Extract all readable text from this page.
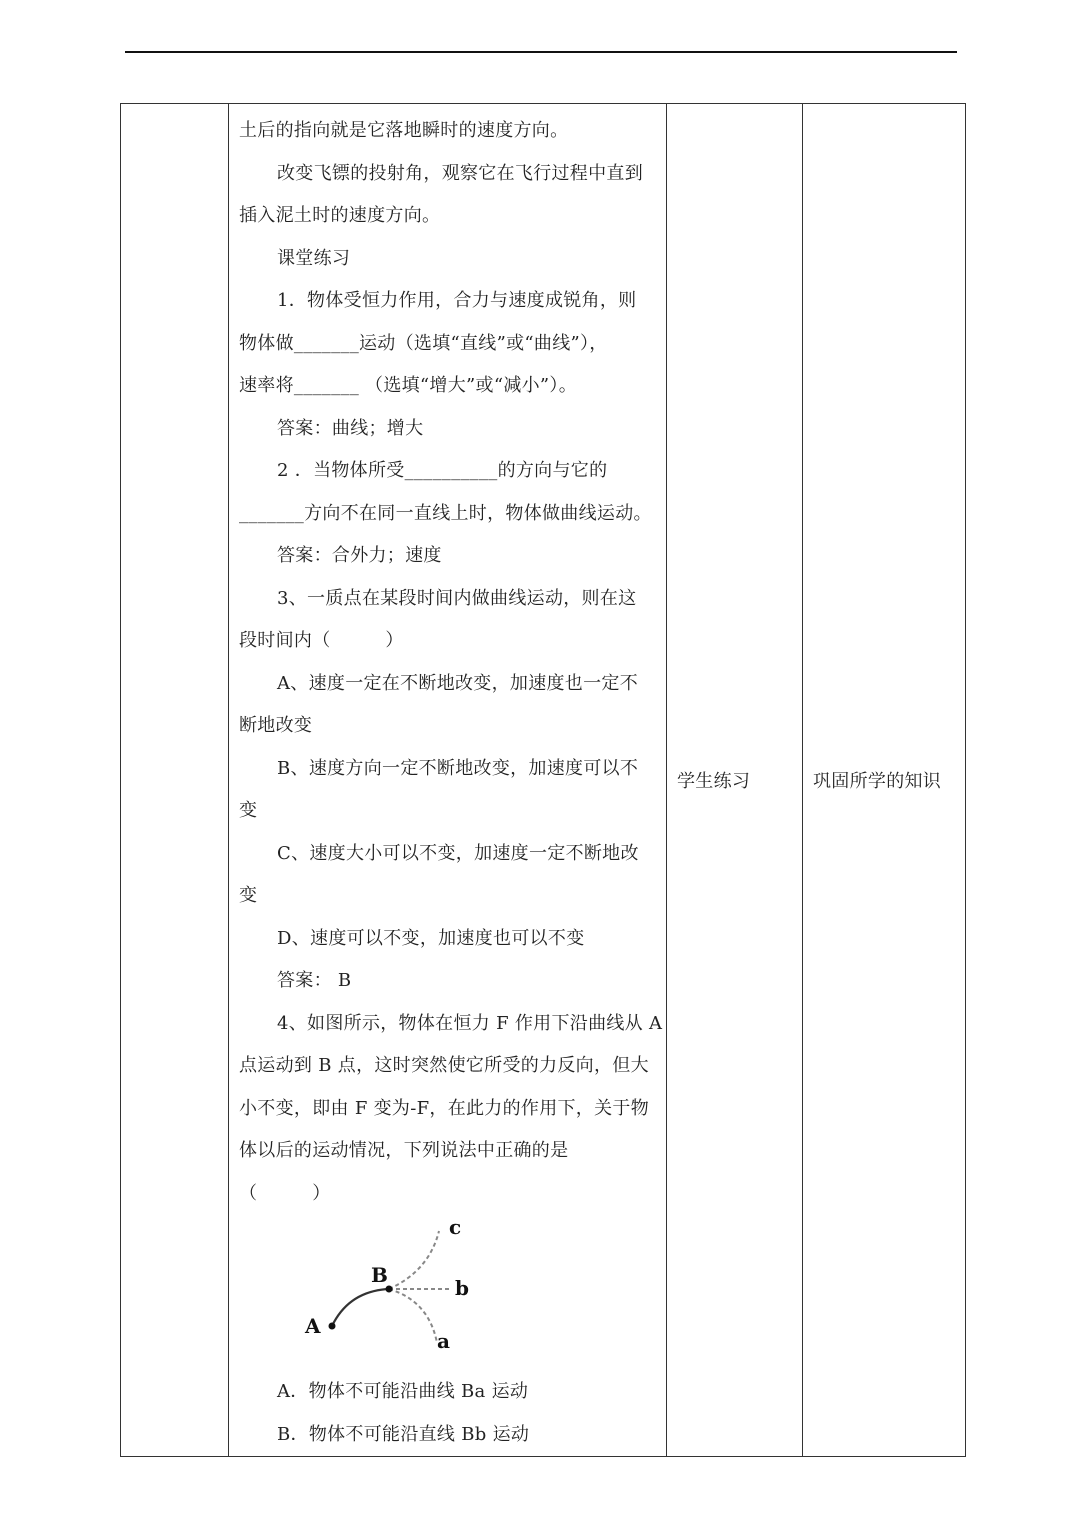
土后的指向就是它落地瞬时的速度方向。

改变飞镖的投射角，观察它在飞行过程中直到

插入泥土时的速度方向。

课堂练习

1．物体受恒力作用，合力与速度成锐角，则

物体做_______运动（选填“直线”或“曲线”），

速率将_______ （选填“增大”或“减小”）。

答案：曲线；增大

2 ．当物体所受__________的方向与它的

_______方向不在同一直线上时，物体做曲线运动。

答案：合外力；速度

3、一质点在某段时间内做曲线运动，则在这

段时间内（　　　）

A、速度一定在不断地改变，加速度也一定不

断地改变

B、速度方向一定不断地改变，加速度可以不

变

C、速度大小可以不变，加速度一定不断地改

变

D、速度可以不变，加速度也可以不变

答案： B

4、如图所示，物体在恒力 F 作用下沿曲线从 A

点运动到 B 点，这时突然使它所受的力反向，但大

小不变，即由 F 变为-F，在此力的作用下，关于物

体以后的运动情况，下列说法中正确的是

（　　　）

c
b
a
B
A

A．物体不可能沿曲线 Ba 运动

B．物体不可能沿直线 Bb 运动

学生练习	巩固所学的知识
